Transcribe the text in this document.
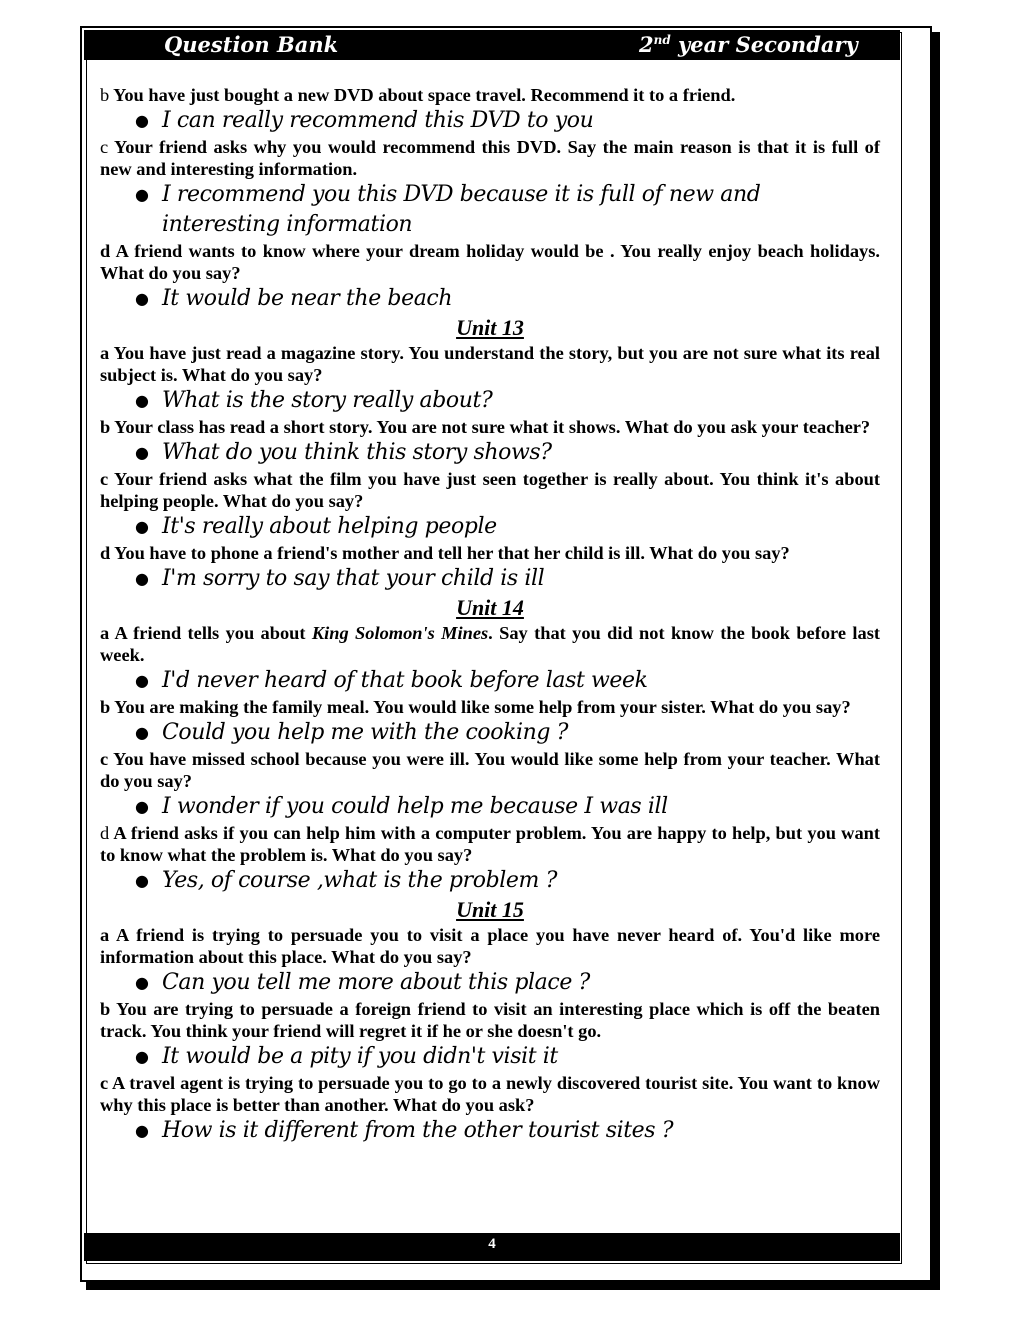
Question Bank	2nd year Secondary

b You have just bought a new DVD about space travel. Recommend it to a friend.

● I can really recommend this DVD to you

c Your friend asks why you would recommend this DVD. Say the main reason is that it is full of new and interesting information.

● I recommend you this DVD because it is full of new and interesting information

d A friend wants to know where your dream holiday would be . You really enjoy beach holidays. What do you say?

● It would be near the beach

Unit 13

a You have just read a magazine story. You understand the story, but you are not sure what its real subject is. What do you say?

● What is the story really about?

b Your class has read a short story. You are not sure what it shows. What do you ask your teacher?

● What do you think this story shows?

c Your friend asks what the film you have just seen together is really about. You think it's about helping people. What do you say?

● It's really about helping people

d You have to phone a friend's mother and tell her that her child is ill. What do you say?

● I'm sorry to say that your child is ill

Unit 14

a A friend tells you about King Solomon's Mines. Say that you did not know the book before last week.

● I'd never heard of that book before last week

b You are making the family meal. You would like some help from your sister. What do you say?

● Could you help me with the cooking ?

c You have missed school because you were ill. You would like some help from your teacher. What do you say?

● I wonder if you could help me because I was ill

d A friend asks if you can help him with a computer problem. You are happy to help, but you want to know what the problem is. What do you say?

● Yes, of course ,what is the problem ?

Unit 15

a A friend is trying to persuade you to visit a place you have never heard of. You'd like more information about this place. What do you say?

● Can you tell me more about this place ?

b You are trying to persuade a foreign friend to visit an interesting place which is off the beaten track. You think your friend will regret it if he or she doesn't go.

● It would be a pity if you didn't visit it

c A travel agent is trying to persuade you to go to a newly discovered tourist site. You want to know why this place is better than another. What do you ask?

● How is it different from the other tourist sites ?

4
